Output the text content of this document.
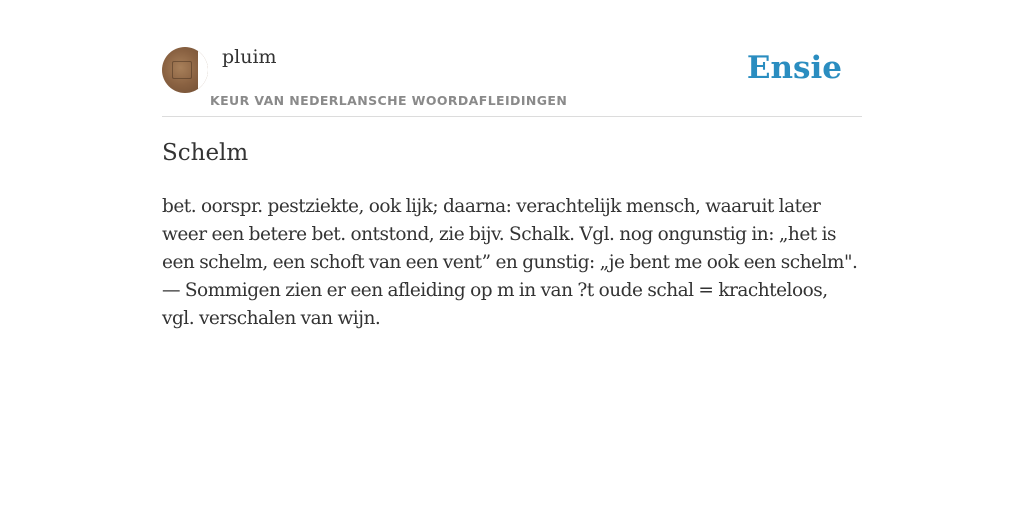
pluim
KEUR VAN NEDERLANSCHE WOORDAFLEIDINGEN
Ensie
Schelm
bet. oorspr. pestziekte, ook lijk; daarna: verachtelijk mensch, waaruit later weer een betere bet. ontstond, zie bijv. Schalk. Vgl. nog ongunstig in: „het is een schelm, een schoft van een vent” en gunstig: „je bent me ook een schelm". — Sommigen zien er een afleiding op m in van ?t oude schal = krachteloos, vgl. verschalen van wijn.
